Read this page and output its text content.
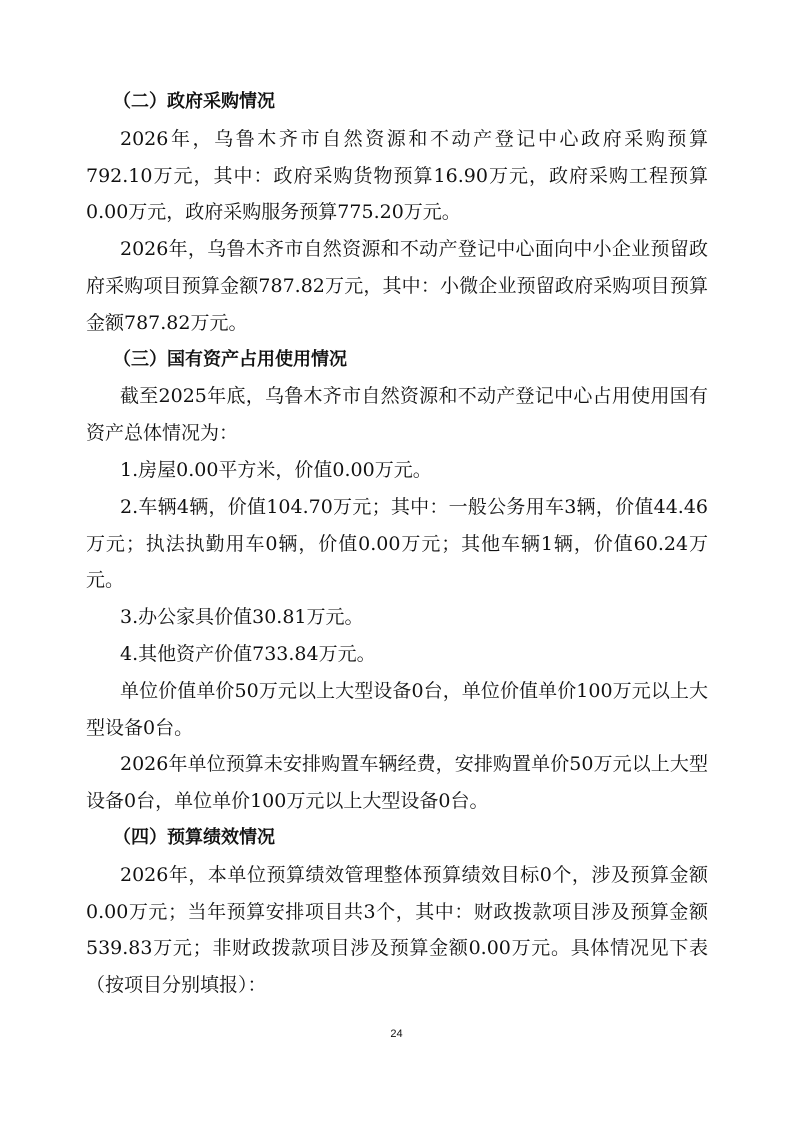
（二）政府采购情况

2026年，乌鲁木齐市自然资源和不动产登记中心政府采购预算792.10万元，其中：政府采购货物预算16.90万元，政府采购工程预算0.00万元，政府采购服务预算775.20万元。

2026年，乌鲁木齐市自然资源和不动产登记中心面向中小企业预留政府采购项目预算金额787.82万元，其中：小微企业预留政府采购项目预算金额787.82万元。

（三）国有资产占用使用情况

截至2025年底，乌鲁木齐市自然资源和不动产登记中心占用使用国有资产总体情况为：

1.房屋0.00平方米，价值0.00万元。

2.车辆4辆，价值104.70万元；其中：一般公务用车3辆，价值44.46万元；执法执勤用车0辆，价值0.00万元；其他车辆1辆，价值60.24万元。

3.办公家具价值30.81万元。

4.其他资产价值733.84万元。

单位价值单价50万元以上大型设备0台，单位价值单价100万元以上大型设备0台。

2026年单位预算未安排购置车辆经费，安排购置单价50万元以上大型设备0台，单位单价100万元以上大型设备0台。

（四）预算绩效情况

2026年，本单位预算绩效管理整体预算绩效目标0个，涉及预算金额0.00万元；当年预算安排项目共3个，其中：财政拨款项目涉及预算金额539.83万元；非财政拨款项目涉及预算金额0.00万元。具体情况见下表（按项目分别填报）：

24
